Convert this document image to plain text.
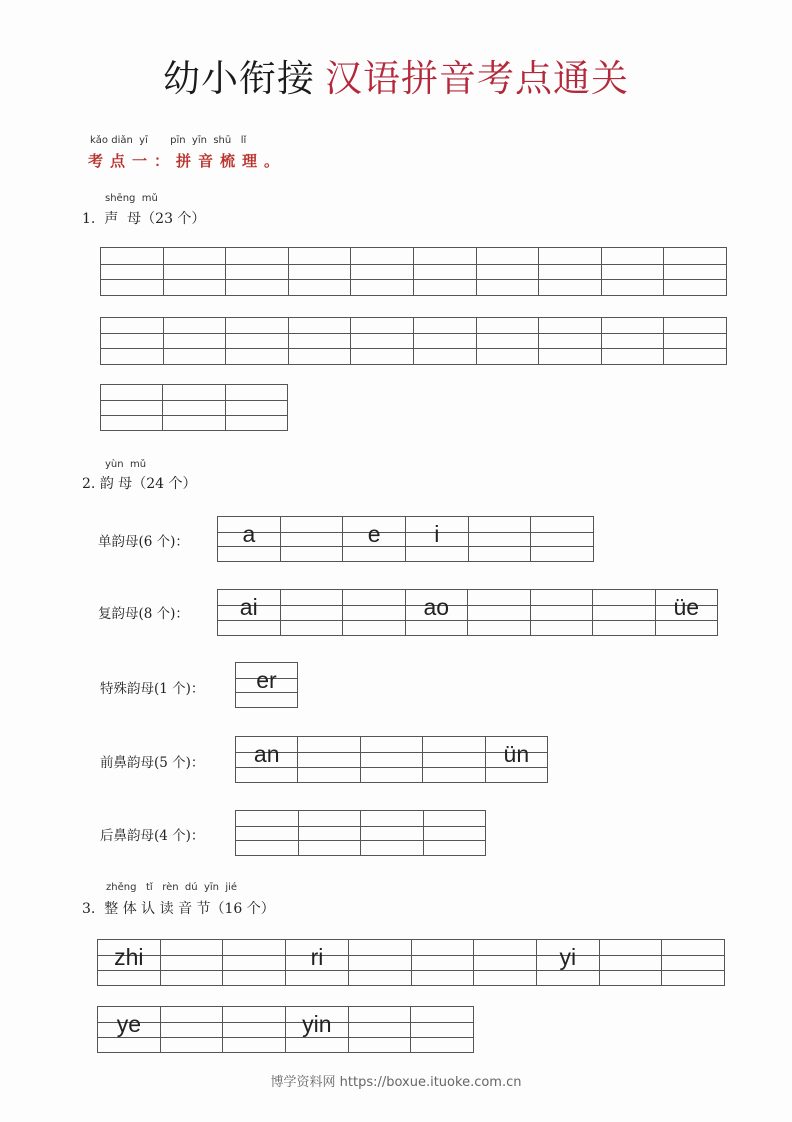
幼小衔接 汉语拼音考点通关
kǎo diǎn  yī       pīn  yīn  shū   lǐ
考点一：拼音梳理。
shēng  mǔ
1. 声  母（23 个）
yùn  mǔ
2. 韵 母（24 个）
单韵母(6 个)：	a	e	i
复韵母(8 个)：	ai	ao	üe
特殊韵母(1 个)：	er
前鼻韵母(5 个)：	an	ün
后鼻韵母(4 个)：
zhěng   tǐ   rèn  dú  yīn  jié
3. 整 体 认 读 音 节（16 个）
zhi	ri	yi
ye	yin
博学资料网 https://boxue.ituoke.com.cn
